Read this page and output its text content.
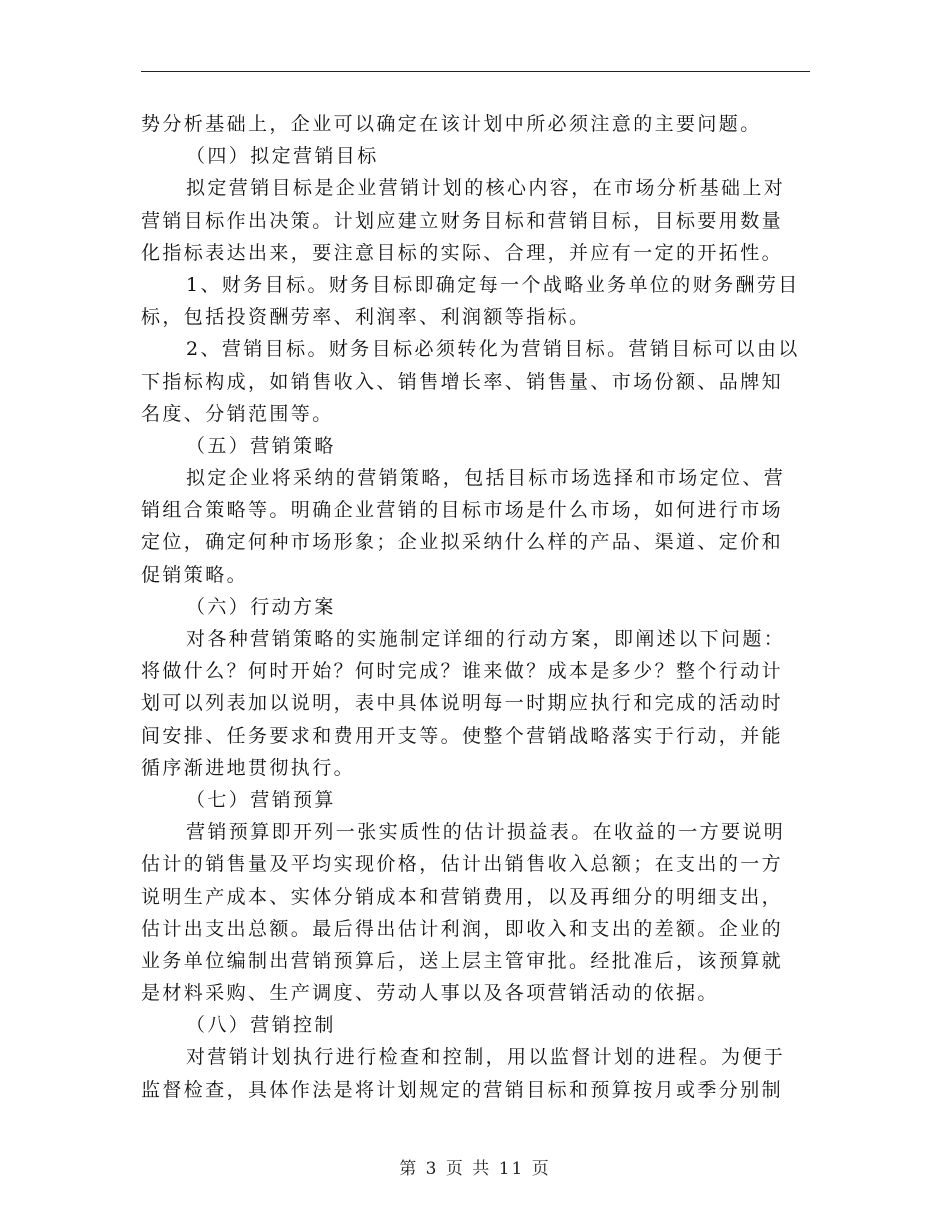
势分析基础上，企业可以确定在该计划中所必须注意的主要问题。
（四）拟定营销目标
拟定营销目标是企业营销计划的核心内容，在市场分析基础上对
营销目标作出决策。计划应建立财务目标和营销目标，目标要用数量
化指标表达出来，要注意目标的实际、合理，并应有一定的开拓性。
1、财务目标。财务目标即确定每一个战略业务单位的财务酬劳目
标，包括投资酬劳率、利润率、利润额等指标。
2、营销目标。财务目标必须转化为营销目标。营销目标可以由以
下指标构成，如销售收入、销售增长率、销售量、市场份额、品牌知
名度、分销范围等。
（五）营销策略
拟定企业将采纳的营销策略，包括目标市场选择和市场定位、营
销组合策略等。明确企业营销的目标市场是什么市场，如何进行市场
定位，确定何种市场形象；企业拟采纳什么样的产品、渠道、定价和
促销策略。
（六）行动方案
对各种营销策略的实施制定详细的行动方案，即阐述以下问题：
将做什么？何时开始？何时完成？谁来做？成本是多少？整个行动计
划可以列表加以说明，表中具体说明每一时期应执行和完成的活动时
间安排、任务要求和费用开支等。使整个营销战略落实于行动，并能
循序渐进地贯彻执行。
（七）营销预算
营销预算即开列一张实质性的估计损益表。在收益的一方要说明
估计的销售量及平均实现价格，估计出销售收入总额；在支出的一方
说明生产成本、实体分销成本和营销费用，以及再细分的明细支出，
估计出支出总额。最后得出估计利润，即收入和支出的差额。企业的
业务单位编制出营销预算后，送上层主管审批。经批准后，该预算就
是材料采购、生产调度、劳动人事以及各项营销活动的依据。
（八）营销控制
对营销计划执行进行检查和控制，用以监督计划的进程。为便于
监督检查，具体作法是将计划规定的营销目标和预算按月或季分别制
第 3 页 共 11 页
